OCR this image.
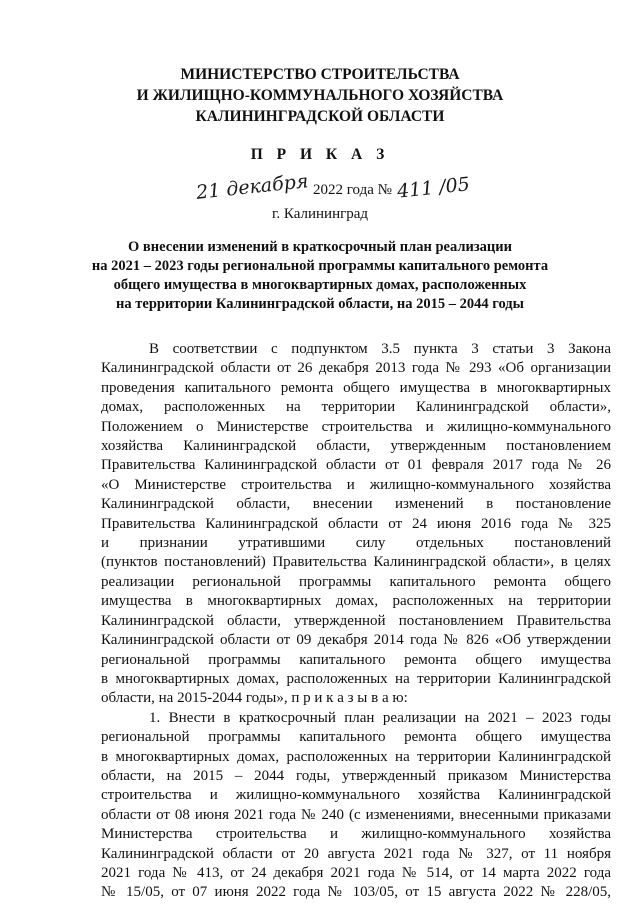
МИНИСТЕРСТВО СТРОИТЕЛЬСТВА
И ЖИЛИЩНО-КОММУНАЛЬНОГО ХОЗЯЙСТВА
КАЛИНИНГРАДСКОЙ ОБЛАСТИ
П Р И К А З
21 декабря 2022 года № 411 /05
г. Калининград
О внесении изменений в краткосрочный план реализации
на 2021 – 2023 годы региональной программы капитального ремонта
общего имущества в многоквартирных домах, расположенных
на территории Калининградской области, на 2015 – 2044 годы
В соответствии с подпунктом 3.5 пункта 3 статьи 3 Закона
Калининградской области от 26 декабря 2013 года № 293 «Об организации
проведения капитального ремонта общего имущества в многоквартирных
домах, расположенных на территории Калининградской области»,
Положением о Министерстве строительства и жилищно-коммунального
хозяйства Калининградской области, утвержденным постановлением
Правительства Калининградской области от 01 февраля 2017 года № 26
«О Министерстве строительства и жилищно-коммунального хозяйства
Калининградской области, внесении изменений в постановление
Правительства Калининградской области от 24 июня 2016 года № 325
и признании утратившими силу отдельных постановлений
(пунктов постановлений) Правительства Калининградской области», в целях
реализации региональной программы капитального ремонта общего
имущества в многоквартирных домах, расположенных на территории
Калининградской области, утвержденной постановлением Правительства
Калининградской области от 09 декабря 2014 года № 826 «Об утверждении
региональной программы капитального ремонта общего имущества
в многоквартирных домах, расположенных на территории Калининградской
области, на 2015-2044 годы», п р и к а з ы в а ю:
1. Внести в краткосрочный план реализации на 2021 – 2023 годы
региональной программы капитального ремонта общего имущества
в многоквартирных домах, расположенных на территории Калининградской
области, на 2015 – 2044 годы, утвержденный приказом Министерства
строительства и жилищно-коммунального хозяйства Калининградской
области от 08 июня 2021 года № 240 (с изменениями, внесенными приказами
Министерства строительства и жилищно-коммунального хозяйства
Калининградской области от 20 августа 2021 года № 327, от 11 ноября
2021 года № 413, от 24 декабря 2021 года № 514, от 14 марта 2022 года
№ 15/05, от 07 июня 2022 года № 103/05, от 15 августа 2022 № 228/05,
